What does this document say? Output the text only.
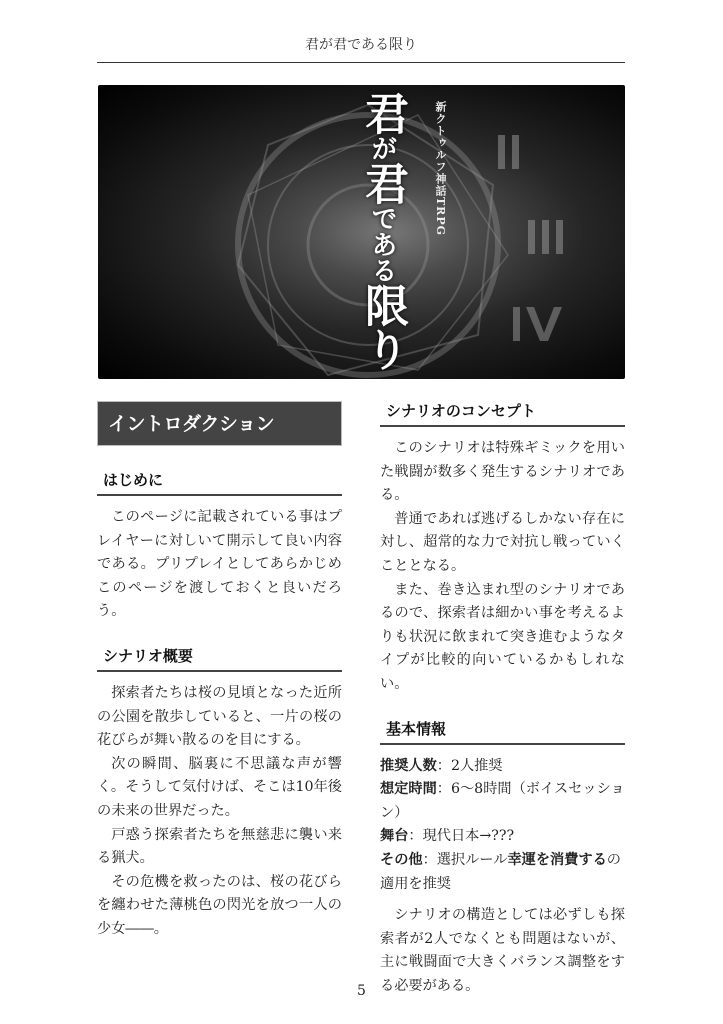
君が君である限り
新クトゥルフ神話TRPG
君が君である限り
イントロダクション
はじめに

このページに記載されている事はプレイヤーに対しいて開示して良い内容である。プリプレイとしてあらかじめこのページを渡しておくと良いだろう。

シナリオ概要

探索者たちは桜の見頃となった近所の公園を散歩していると、一片の桜の花びらが舞い散るのを目にする。

次の瞬間、脳裏に不思議な声が響く。そうして気付けば、そこは10年後の未来の世界だった。

戸惑う探索者たちを無慈悲に襲い来る猟犬。

その危機を救ったのは、桜の花びらを纏わせた薄桃色の閃光を放つ一人の少女――。

シナリオのコンセプト

このシナリオは特殊ギミックを用いた戦闘が数多く発生するシナリオである。

普通であれば逃げるしかない存在に対し、超常的な力で対抗し戦っていくこととなる。

また、巻き込まれ型のシナリオであるので、探索者は細かい事を考えるよりも状況に飲まれて突き進むようなタイプが比較的向いているかもしれない。

基本情報

推奨人数：2人推奨

想定時間：6～8時間（ボイスセッション）

舞台：現代日本→???

その他：選択ルール幸運を消費するの適用を推奨

シナリオの構造としては必ずしも探索者が2人でなくとも問題はないが、主に戦闘面で大きくバランス調整をする必要がある。

5
